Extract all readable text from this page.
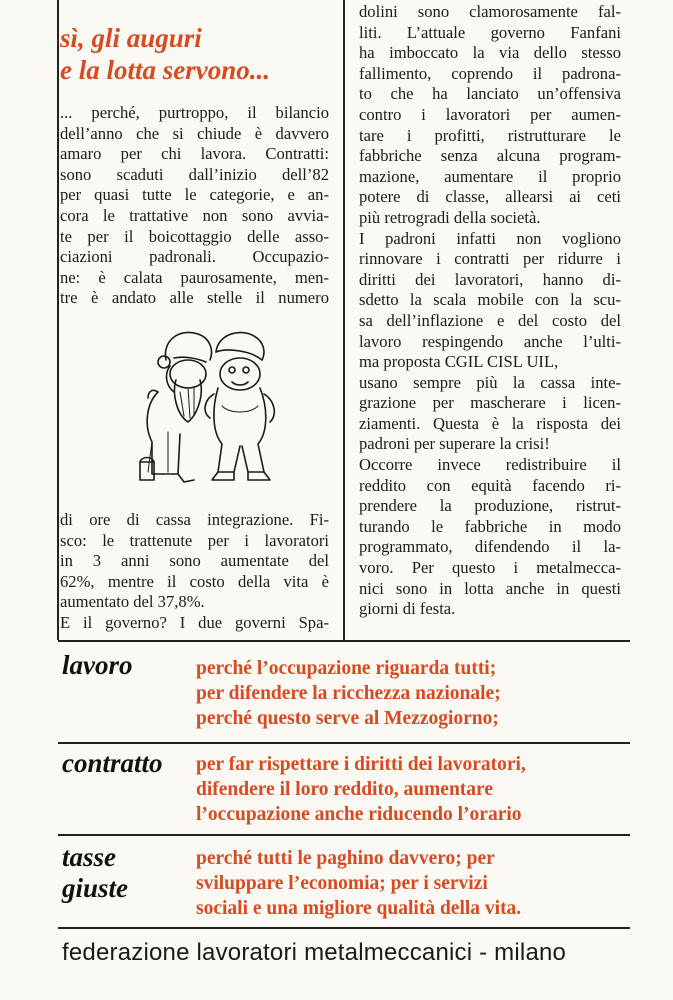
sì, gli auguri
e la lotta servono...
... perché, purtroppo, il bilancio
dell’anno che si chiude è davvero
amaro per chi lavora. Contratti:
sono scaduti dall’inizio dell’82
per quasi tutte le categorie, e an-
cora le trattative non sono avvia-
te per il boicottaggio delle asso-
ciazioni padronali. Occupazio-
ne: è calata paurosamente, men-
tre è andato alle stelle il numero
di ore di cassa integrazione. Fi-
sco: le trattenute per i lavoratori
in 3 anni sono aumentate del
62%, mentre il costo della vita è
aumentato del 37,8%.
E il governo? I due governi Spa-
dolini sono clamorosamente fal-
liti. L’attuale governo Fanfani
ha imboccato la via dello stesso
fallimento, coprendo il padrona-
to che ha lanciato un’offensiva
contro i lavoratori per aumen-
tare i profitti, ristrutturare le
fabbriche senza alcuna program-
mazione, aumentare il proprio
potere di classe, allearsi ai ceti
più retrogradi della società.
I padroni infatti non vogliono
rinnovare i contratti per ridurre i
diritti dei lavoratori, hanno di-
sdetto la scala mobile con la scu-
sa dell’inflazione e del costo del
lavoro respingendo anche l’ulti-
ma proposta CGIL CISL UIL,
usano sempre più la cassa inte-
grazione per mascherare i licen-
ziamenti. Questa è la risposta dei
padroni per superare la crisi!
Occorre invece redistribuire il
reddito con equità facendo ri-
prendere la produzione, ristrut-
turando le fabbriche in modo
programmato, difendendo il la-
voro. Per questo i metalmecca-
nici sono in lotta anche in questi
giorni di festa.
lavoro	perché l’occupazione riguarda tutti;
per difendere la ricchezza nazionale;
perché questo serve al Mezzogiorno;
contratto per far rispettare i diritti dei lavoratori,
difendere il loro reddito, aumentare
l’occupazione anche riducendo l’orario
tasse
giuste
perché tutti le paghino davvero; per
sviluppare l’economia; per i servizi
sociali e una migliore qualità della vita.
federazione lavoratori metalmeccanici - milano
